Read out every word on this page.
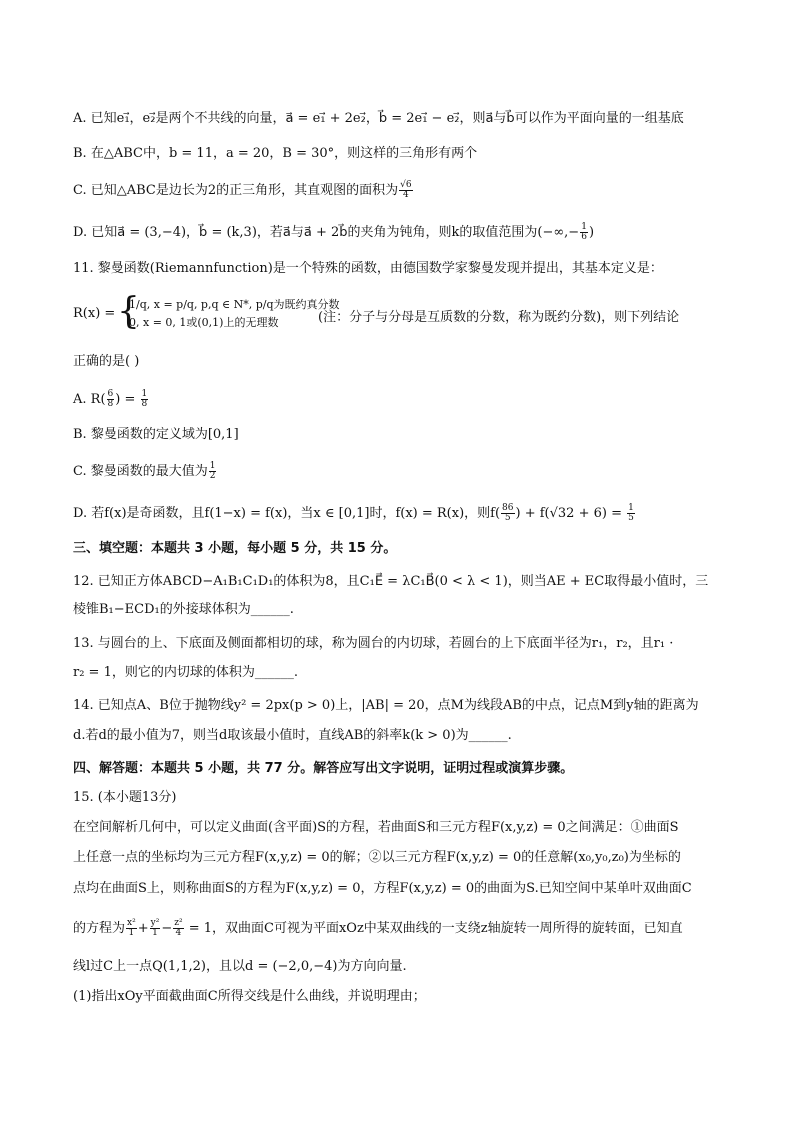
A. 已知e₁⃗，e₂⃗是两个不共线的向量，a⃗ = e₁⃗ + 2e₂⃗，b⃗ = 2e₁⃗ − e₂⃗，则a⃗与b⃗可以作为平面向量的一组基底
B. 在△ABC中，b = 11，a = 20，B = 30°，则这样的三角形有两个
C. 已知△ABC是边长为2的正三角形，其直观图的面积为 $\frac{√6}{4}$
D. 已知a⃗ = (3,−4)，b⃗ = (k,3)，若a⃗与a⃗ + 2b⃗的夹角为钝角，则k的取值范围为(−∞,− $\frac{1}{6}$ )
11. 黎曼函数(Riemannfunction)是一个特殊的函数，由德国数学家黎曼发现并提出，其基本定义是：
R(x) = {
1/q, x = p/q, p,q ∈ N*, p/q为既约真分数
0, x = 0, 1或(0,1)上的无理数	(注：分子与分母是互质数的分数，称为既约分数)，则下列结论
正确的是( )
A. $R( \frac{6}{8}$ ) = $\frac{1}{8}$
B. 黎曼函数的定义域为[0,1]
C. 黎曼函数的最大值为 $\frac{1}{2}$
D. 若f(x)是奇函数，且f(1−x) = f(x)，当x ∈ [0,1]时，f(x) = R(x)，则$f( \frac{86}{5}$ ) + $f(√32 + 6) = \frac{1}{5}$
三、填空题：本题共 3 小题，每小题 5 分，共 15 分。
12. 已知正方体ABCD−A₁B₁C₁D₁的体积为8，且C₁E⃗ = λC₁B⃗(0 < λ < 1)，则当AE + EC取得最小值时，三
棱锥B₁−ECD₁的外接球体积为______.
13. 与圆台的上、下底面及侧面都相切的球，称为圆台的内切球，若圆台的上下底面半径为r₁，r₂，且r₁ ·
r₂ = 1，则它的内切球的体积为______.
14. 已知点A、B位于抛物线y² = 2px(p > 0)上，|AB| = 20，点M为线段AB的中点，记点M到y轴的距离为
d.若d的最小值为7，则当d取该最小值时，直线AB的斜率k(k > 0)为______.
四、解答题：本题共 5 小题，共 77 分。解答应写出文字说明，证明过程或演算步骤。
15. (本小题13分)
在空间解析几何中，可以定义曲面(含平面)S的方程，若曲面S和三元方程F(x,y,z) = 0之间满足：①曲面S
上任意一点的坐标均为三元方程F(x,y,z) = 0的解；②以三元方程F(x,y,z) = 0的任意解(x₀,y₀,z₀)为坐标的
点均在曲面S上，则称曲面S的方程为F(x,y,z) = 0，方程F(x,y,z) = 0的曲面为S.已知空间中某单叶双曲面C
的方程为 $\frac{\text{x²}}{1} + \frac{\text{y²}}{1} - \frac{\text{z²}}{4} = 1$，双曲面C可视为平面xOz中某双曲线的一支绕z轴旋转一周所得的旋转面，已知直
线l过C上一点Q(1,1,2)，且以d = (−2,0,−4)为方向向量.
(1)指出xOy平面截曲面C所得交线是什么曲线，并说明理由；
